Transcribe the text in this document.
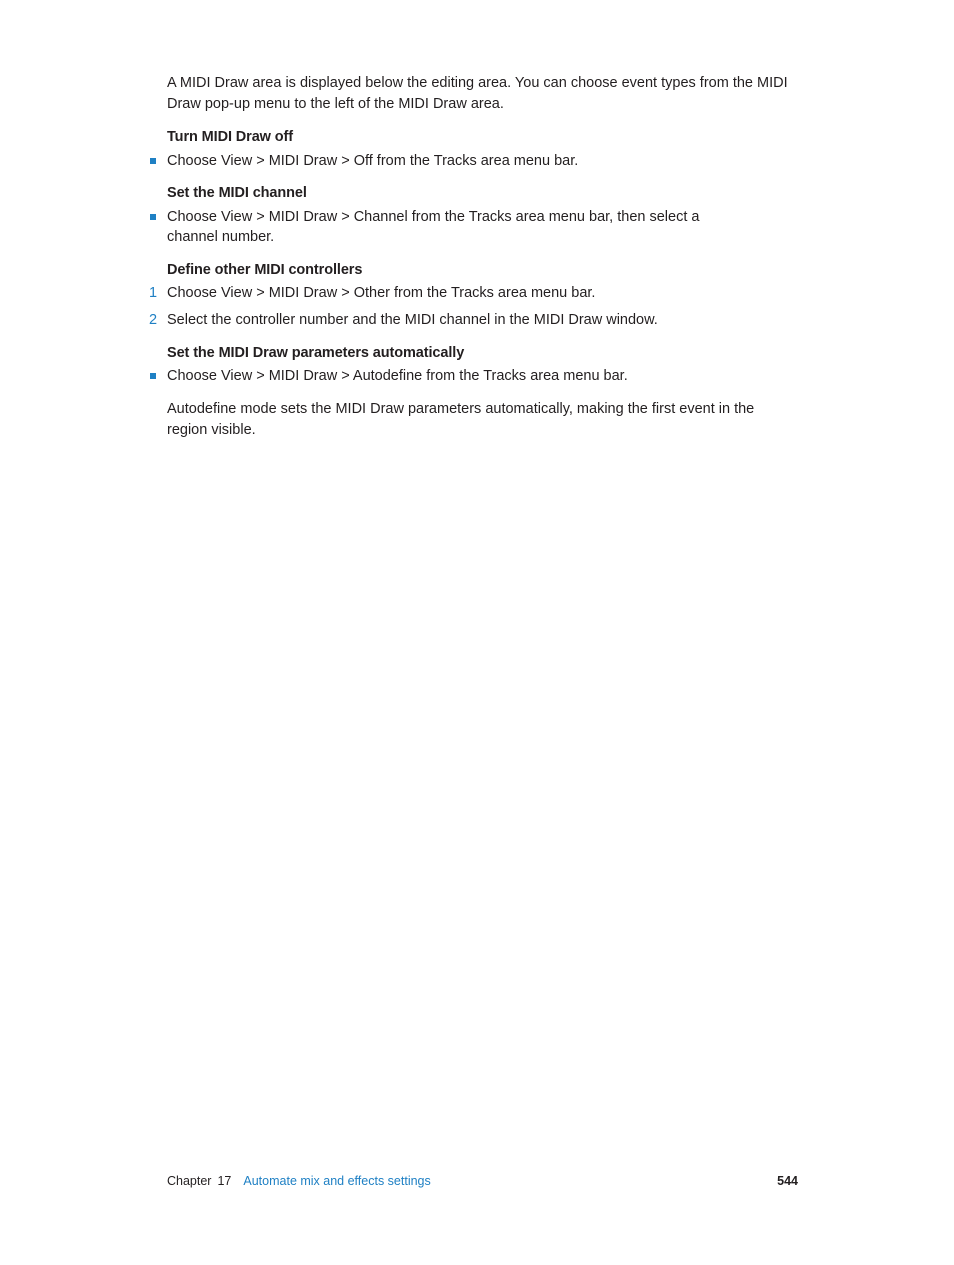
A MIDI Draw area is displayed below the editing area. You can choose event types from the MIDI Draw pop-up menu to the left of the MIDI Draw area.

Turn MIDI Draw off
Choose View > MIDI Draw > Off from the Tracks area menu bar.
Set the MIDI channel
Choose View > MIDI Draw > Channel from the Tracks area menu bar, then select a channel number.
Define other MIDI controllers
1 Choose View > MIDI Draw > Other from the Tracks area menu bar.
2 Select the controller number and the MIDI channel in the MIDI Draw window.
Set the MIDI Draw parameters automatically
Choose View > MIDI Draw > Autodefine from the Tracks area menu bar.

Autodefine mode sets the MIDI Draw parameters automatically, making the first event in the region visible.

Chapter 17 Automate mix and effects settings	544
